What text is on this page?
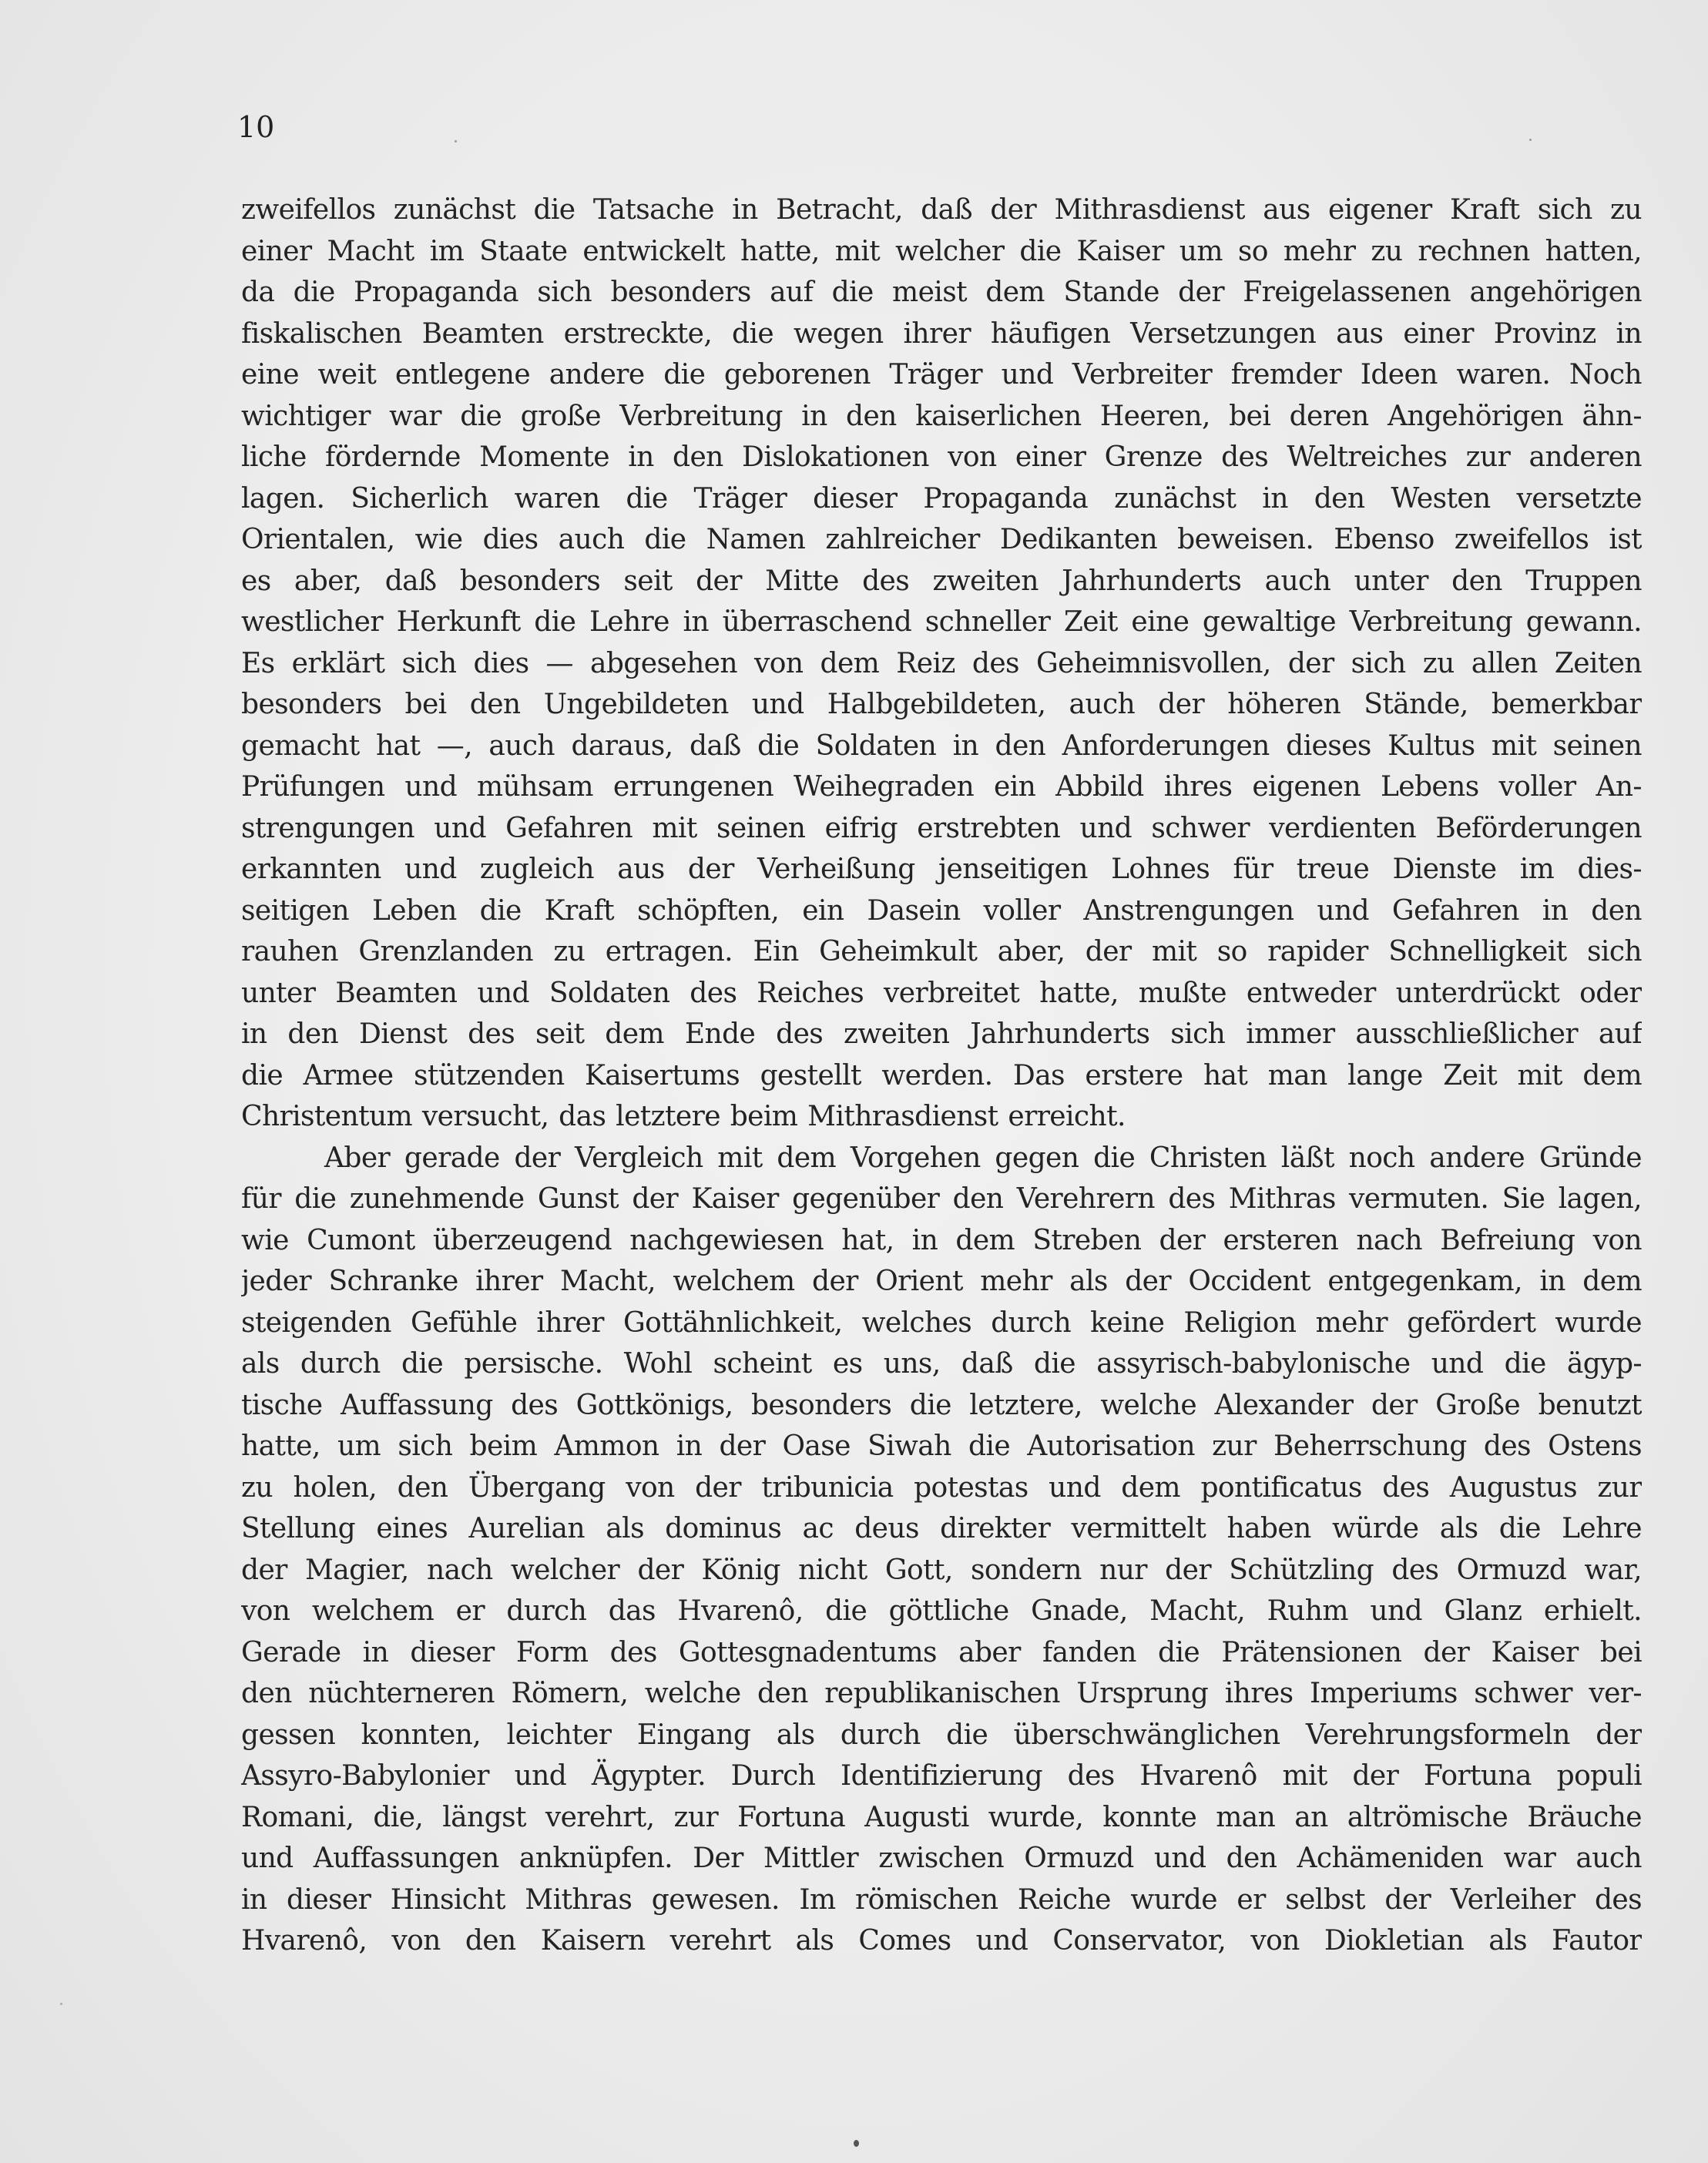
10
zweifellos zunächst die Tatsache in Betracht, daß der Mithrasdienst aus eigener Kraft sich zu
einer Macht im Staate entwickelt hatte, mit welcher die Kaiser um so mehr zu rechnen hatten,
da die Propaganda sich besonders auf die meist dem Stande der Freigelassenen angehörigen
fiskalischen Beamten erstreckte, die wegen ihrer häufigen Versetzungen aus einer Provinz in
eine weit entlegene andere die geborenen Träger und Verbreiter fremder Ideen waren. Noch
wichtiger war die große Verbreitung in den kaiserlichen Heeren, bei deren Angehörigen ähn-
liche fördernde Momente in den Dislokationen von einer Grenze des Weltreiches zur anderen
lagen. Sicherlich waren die Träger dieser Propaganda zunächst in den Westen versetzte
Orientalen, wie dies auch die Namen zahlreicher Dedikanten beweisen. Ebenso zweifellos ist
es aber, daß besonders seit der Mitte des zweiten Jahrhunderts auch unter den Truppen
westlicher Herkunft die Lehre in überraschend schneller Zeit eine gewaltige Verbreitung gewann.
Es erklärt sich dies — abgesehen von dem Reiz des Geheimnisvollen, der sich zu allen Zeiten
besonders bei den Ungebildeten und Halbgebildeten, auch der höheren Stände, bemerkbar
gemacht hat —, auch daraus, daß die Soldaten in den Anforderungen dieses Kultus mit seinen
Prüfungen und mühsam errungenen Weihegraden ein Abbild ihres eigenen Lebens voller An-
strengungen und Gefahren mit seinen eifrig erstrebten und schwer verdienten Beförderungen
erkannten und zugleich aus der Verheißung jenseitigen Lohnes für treue Dienste im dies-
seitigen Leben die Kraft schöpften, ein Dasein voller Anstrengungen und Gefahren in den
rauhen Grenzlanden zu ertragen. Ein Geheimkult aber, der mit so rapider Schnelligkeit sich
unter Beamten und Soldaten des Reiches verbreitet hatte, mußte entweder unterdrückt oder
in den Dienst des seit dem Ende des zweiten Jahrhunderts sich immer ausschließlicher auf
die Armee stützenden Kaisertums gestellt werden. Das erstere hat man lange Zeit mit dem
Christentum versucht, das letztere beim Mithrasdienst erreicht.
Aber gerade der Vergleich mit dem Vorgehen gegen die Christen läßt noch andere Gründe
für die zunehmende Gunst der Kaiser gegenüber den Verehrern des Mithras vermuten. Sie lagen,
wie Cumont überzeugend nachgewiesen hat, in dem Streben der ersteren nach Befreiung von
jeder Schranke ihrer Macht, welchem der Orient mehr als der Occident entgegenkam, in dem
steigenden Gefühle ihrer Gottähnlichkeit, welches durch keine Religion mehr gefördert wurde
als durch die persische. Wohl scheint es uns, daß die assyrisch-babylonische und die ägyp-
tische Auffassung des Gottkönigs, besonders die letztere, welche Alexander der Große benutzt
hatte, um sich beim Ammon in der Oase Siwah die Autorisation zur Beherrschung des Ostens
zu holen, den Übergang von der tribunicia potestas und dem pontificatus des Augustus zur
Stellung eines Aurelian als dominus ac deus direkter vermittelt haben würde als die Lehre
der Magier, nach welcher der König nicht Gott, sondern nur der Schützling des Ormuzd war,
von welchem er durch das Hvarenô, die göttliche Gnade, Macht, Ruhm und Glanz erhielt.
Gerade in dieser Form des Gottesgnadentums aber fanden die Prätensionen der Kaiser bei
den nüchterneren Römern, welche den republikanischen Ursprung ihres Imperiums schwer ver-
gessen konnten, leichter Eingang als durch die überschwänglichen Verehrungsformeln der
Assyro-Babylonier und Ägypter. Durch Identifizierung des Hvarenô mit der Fortuna populi
Romani, die, längst verehrt, zur Fortuna Augusti wurde, konnte man an altrömische Bräuche
und Auffassungen anknüpfen. Der Mittler zwischen Ormuzd und den Achämeniden war auch
in dieser Hinsicht Mithras gewesen. Im römischen Reiche wurde er selbst der Verleiher des
Hvarenô, von den Kaisern verehrt als Comes und Conservator, von Diokletian als Fautor
